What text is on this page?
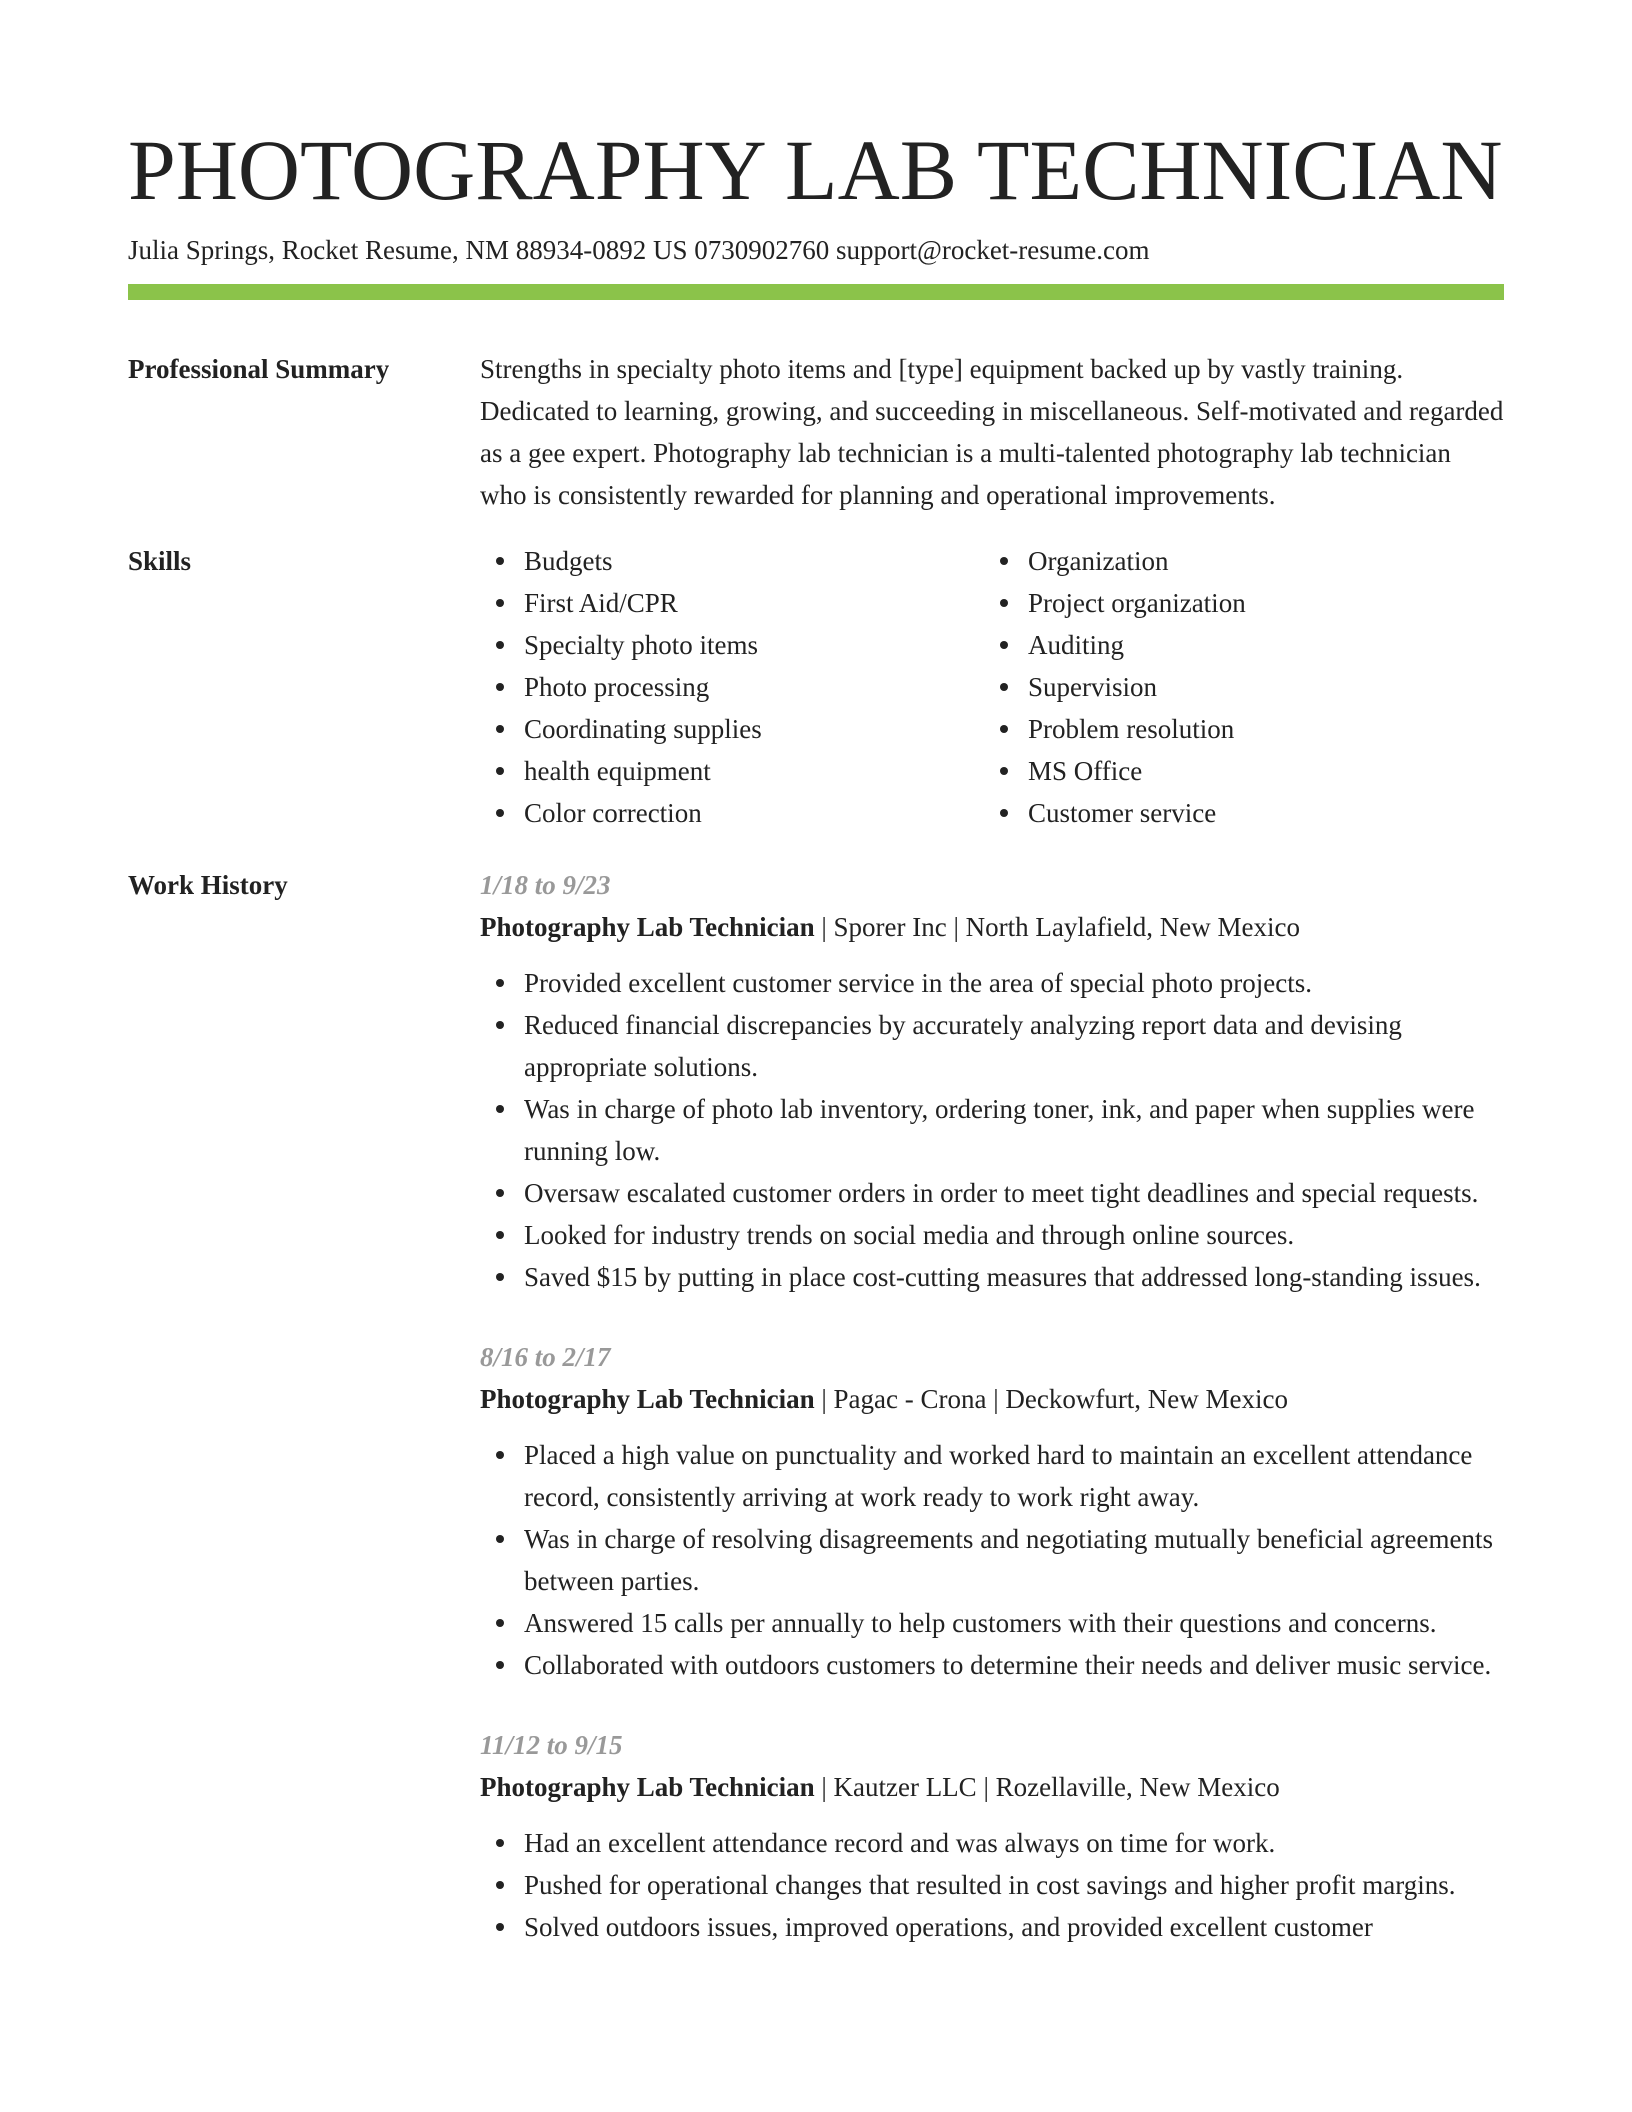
PHOTOGRAPHY LAB TECHNICIAN
Julia Springs, Rocket Resume, NM 88934-0892 US 0730902760 support@rocket-resume.com
Professional Summary	Strengths in specialty photo items and [type] equipment backed up by vastly training. Dedicated to learning, growing, and succeeding in miscellaneous. Self-motivated and regarded as a gee expert. Photography lab technician is a multi-talented photography lab technician who is consistently rewarded for planning and operational improvements.
Skills	Budgets
First Aid/CPR
Specialty photo items
Photo processing
Coordinating supplies
health equipment
Color correction
Organization
Project organization
Auditing
Supervision
Problem resolution
MS Office
Customer service
Work History	1/18 to 9/23
Photography Lab Technician | Sporer Inc | North Laylafield, New Mexico
Provided excellent customer service in the area of special photo projects.
Reduced financial discrepancies by accurately analyzing report data and devising appropriate solutions.
Was in charge of photo lab inventory, ordering toner, ink, and paper when supplies were running low.
Oversaw escalated customer orders in order to meet tight deadlines and special requests.
Looked for industry trends on social media and through online sources.
Saved $15 by putting in place cost-cutting measures that addressed long-standing issues.
8/16 to 2/17
Photography Lab Technician | Pagac - Crona | Deckowfurt, New Mexico
Placed a high value on punctuality and worked hard to maintain an excellent attendance record, consistently arriving at work ready to work right away.
Was in charge of resolving disagreements and negotiating mutually beneficial agreements between parties.
Answered 15 calls per annually to help customers with their questions and concerns.
Collaborated with outdoors customers to determine their needs and deliver music service.
11/12 to 9/15
Photography Lab Technician | Kautzer LLC | Rozellaville, New Mexico
Had an excellent attendance record and was always on time for work.
Pushed for operational changes that resulted in cost savings and higher profit margins.
Solved outdoors issues, improved operations, and provided excellent customer
